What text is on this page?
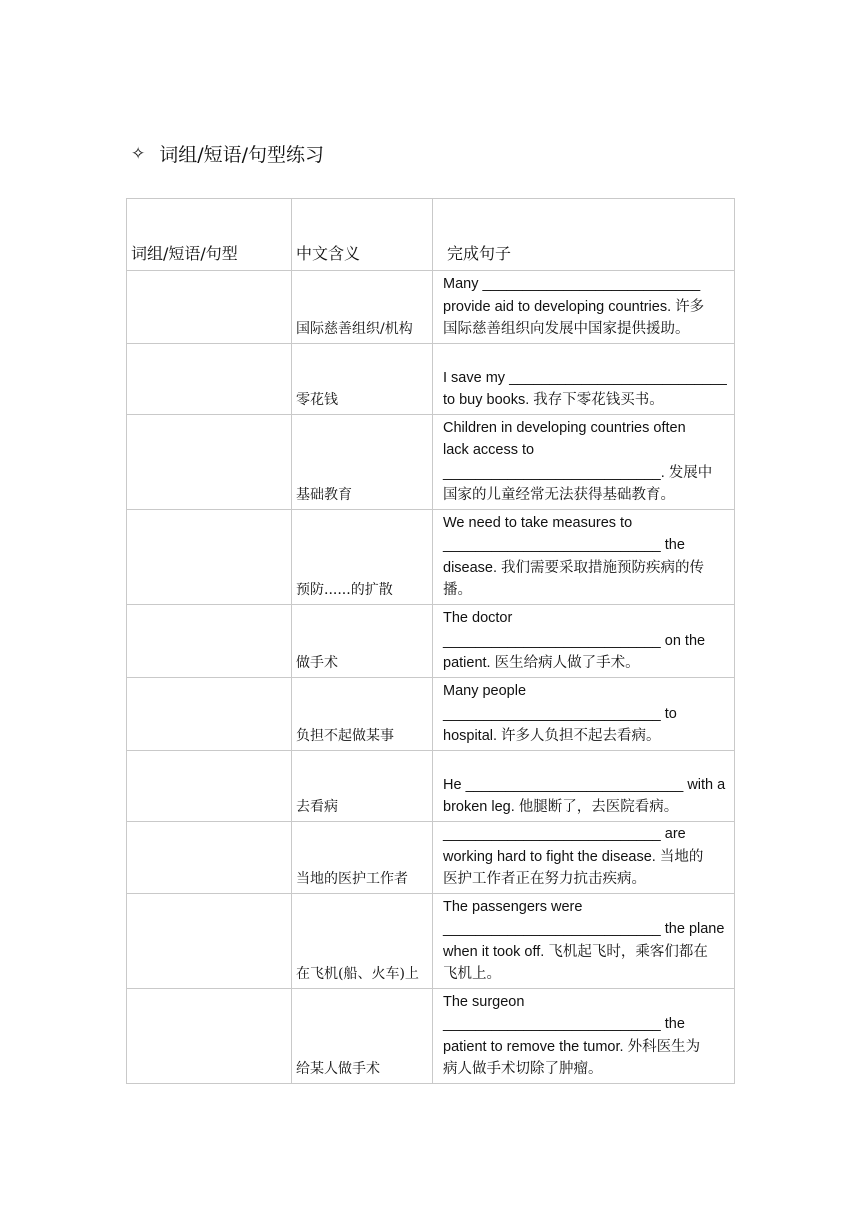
✧ 词组/短语/句型练习
词组/短语/句型	中文含义	完成句子
	国际慈善组织/机构	Many ___________________________
provide aid to developing countries. 许多
国际慈善组织向发展中国家提供援助。

	零花钱	I save my ___________________________
to buy books. 我存下零花钱买书。

	基础教育	Children in developing countries often
lack access to
___________________________. 发展中
国家的儿童经常无法获得基础教育。

	预防......的扩散	We need to take measures to
___________________________ the
disease. 我们需要采取措施预防疾病的传
播。

	做手术	The doctor
___________________________ on the
patient. 医生给病人做了手术。

	负担不起做某事	Many people
___________________________ to
hospital. 许多人负担不起去看病。

	去看病	He ___________________________ with a
broken leg. 他腿断了，去医院看病。

	当地的医护工作者	___________________________ are
working hard to fight the disease. 当地的
医护工作者正在努力抗击疾病。

	在飞机(船、火车)上	The passengers were
___________________________ the plane
when it took off. 飞机起飞时，乘客们都在
飞机上。

	给某人做手术	The surgeon
___________________________ the
patient to remove the tumor. 外科医生为
病人做手术切除了肿瘤。
